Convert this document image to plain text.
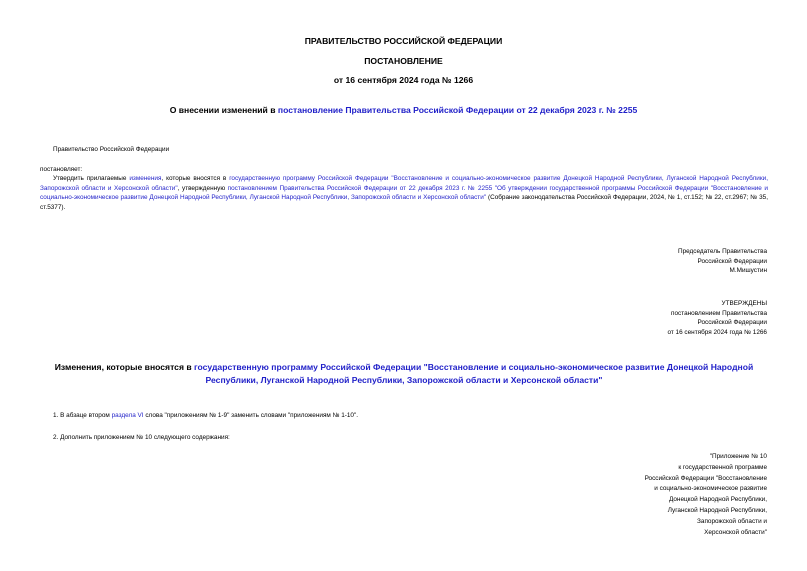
ПРАВИТЕЛЬСТВО РОССИЙСКОЙ ФЕДЕРАЦИИ
ПОСТАНОВЛЕНИЕ
от 16 сентября 2024 года № 1266
О внесении изменений в постановление Правительства Российской Федерации от 22 декабря 2023 г. № 2255
Правительство Российской Федерации
постановляет:
Утвердить прилагаемые изменения, которые вносятся в государственную программу Российской Федерации "Восстановление и социально-экономическое развитие Донецкой Народной Республики, Луганской Народной Республики, Запорожской области и Херсонской области", утвержденную постановлением Правительства Российской Федерации от 22 декабря 2023 г. № 2255 "Об утверждении государственной программы Российской Федерации "Восстановление и социально-экономическое развитие Донецкой Народной Республики, Луганской Народной Республики, Запорожской области и Херсонской области" (Собрание законодательства Российской Федерации, 2024, № 1, ст.152; № 22, ст.2967; № 35, ст.5377).
Председатель Правительства
Российской Федерации
М.Мишустин
УТВЕРЖДЕНЫ
постановлением Правительства
Российской Федерации
от 16 сентября 2024 года № 1266
Изменения, которые вносятся в государственную программу Российской Федерации "Восстановление и социально-экономическое развитие Донецкой Народной Республики, Луганской Народной Республики, Запорожской области и Херсонской области"
1. В абзаце втором раздела VI слова "приложениям № 1-9" заменить словами "приложениям № 1-10".
2. Дополнить приложением № 10 следующего содержания:
"Приложение № 10
к государственной программе
Российской Федерации "Восстановление
и социально-экономическое развитие
Донецкой Народной Республики,
Луганской Народной Республики,
Запорожской области и
Херсонской области"
